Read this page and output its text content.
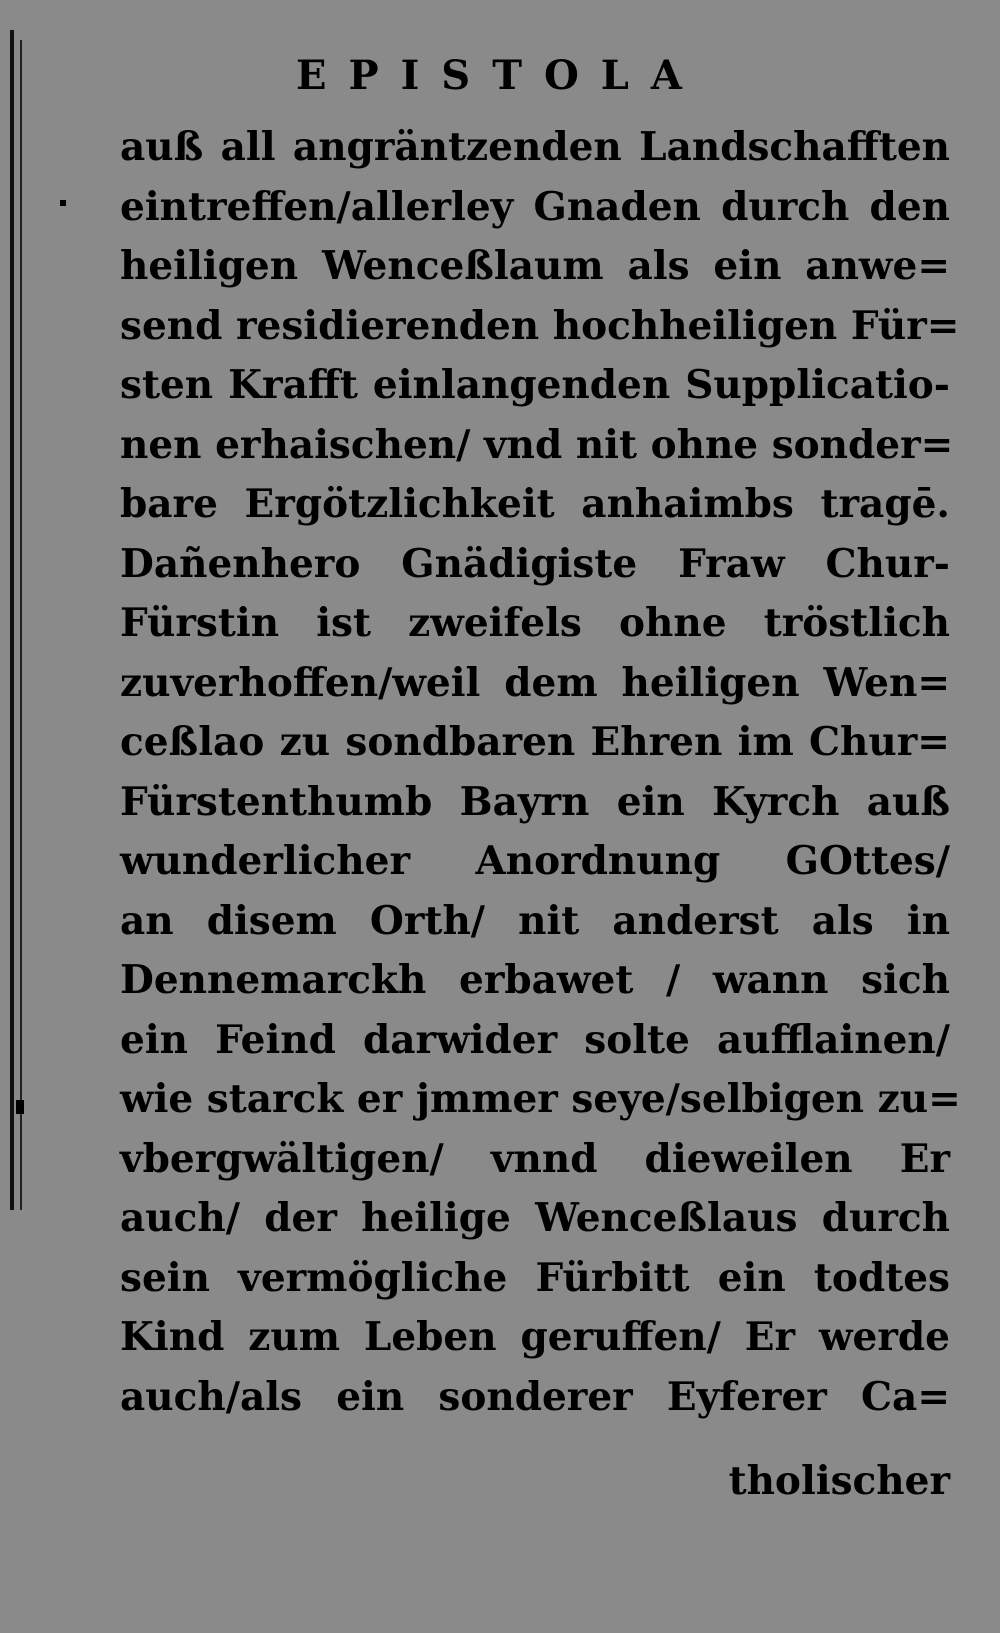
EPISTOLA
auß all angräntzenden Landschafften
eintreffen/allerley Gnaden durch den
heiligen Wenceßlaum als ein anwe=
send residierenden hochheiligen Für=
sten Krafft einlangenden Supplicatio-
nen erhaischen/ vnd nit ohne sonder=
bare Ergötzlichkeit anhaimbs tragē.
Dañenhero Gnädigiste Fraw Chur-
Fürstin ist zweifels ohne tröstlich
zuverhoffen/weil dem heiligen Wen=
ceßlao zu sondbaren Ehren im Chur=
Fürstenthumb Bayrn ein Kyrch auß
wunderlicher Anordnung GOttes/
an disem Orth/ nit anderst als in
Dennemarckh erbawet / wann sich
ein Feind darwider solte aufflainen/
wie starck er jmmer seye/selbigen zu=
vbergwältigen/ vnnd dieweilen Er
auch/ der heilige Wenceßlaus durch
sein vermögliche Fürbitt ein todtes
Kind zum Leben geruffen/ Er werde
auch/als ein sonderer Eyferer Ca=
tholischer
